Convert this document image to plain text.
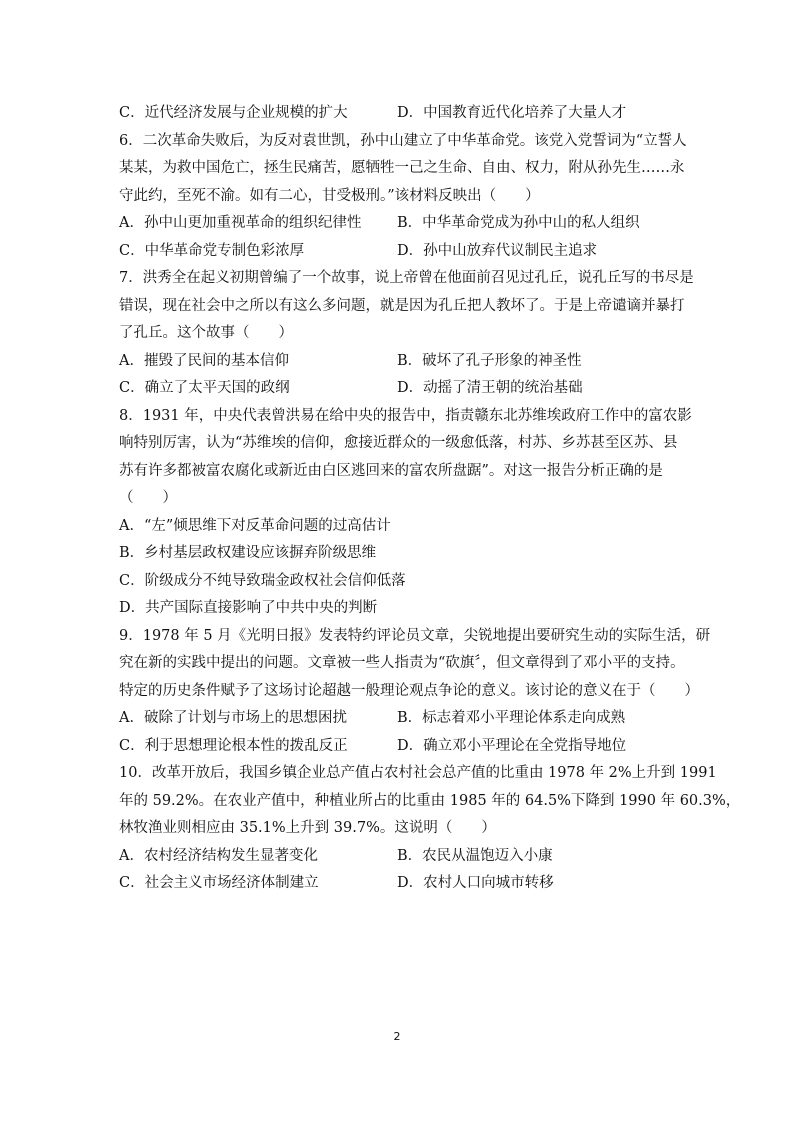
C．近代经济发展与企业规模的扩大	D．中国教育近代化培养了大量人才
6．二次革命失败后，为反对袁世凯，孙中山建立了中华革命党。该党入党誓词为“立誓人
某某，为救中国危亡，拯生民痛苦，愿牺牲一己之生命、自由、权力，附从孙先生……永
守此约，至死不渝。如有二心，甘受极刑。”该材料反映出（　　）
A．孙中山更加重视革命的组织纪律性 B．中华革命党成为孙中山的私人组织
C．中华革命党专制色彩浓厚	D．孙中山放弃代议制民主追求
7．洪秀全在起义初期曾编了一个故事，说上帝曾在他面前召见过孔丘，说孔丘写的书尽是
错误，现在社会中之所以有这么多问题，就是因为孔丘把人教坏了。于是上帝谴谪并暴打
了孔丘。这个故事（　　）
A．摧毁了民间的基本信仰	B．破坏了孔子形象的神圣性
C．确立了太平天国的政纲	D．动摇了清王朝的统治基础
8．1931 年，中央代表曾洪易在给中央的报告中，指责赣东北苏维埃政府工作中的富农影
响特别厉害，认为“苏维埃的信仰，愈接近群众的一级愈低落，村苏、乡苏甚至区苏、县
苏有许多都被富农腐化或新近由白区逃回来的富农所盘踞”。对这一报告分析正确的是
（　　）
A．“左”倾思维下对反革命问题的过高估计
B．乡村基层政权建设应该摒弃阶级思维
C．阶级成分不纯导致瑞金政权社会信仰低落
D．共产国际直接影响了中共中央的判断
9．1978 年 5 月《光明日报》发表特约评论员文章，尖锐地提出要研究生动的实际生活，研
究在新的实践中提出的问题。文章被一些人指责为“砍旗〞，但文章得到了邓小平的支持。
特定的历史条件赋予了这场讨论超越一般理论观点争论的意义。该讨论的意义在于（　　）
A．破除了计划与市场上的思想困扰	B．标志着邓小平理论体系走向成熟
C．利于思想理论根本性的拨乱反正	D．确立邓小平理论在全党指导地位
10．改革开放后，我国乡镇企业总产值占农村社会总产值的比重由 1978 年 2%上升到 1991
年的 59.2%。在农业产值中，种植业所占的比重由 1985 年的 64.5%下降到 1990 年 60.3%，
林牧渔业则相应由 35.1%上升到 39.7%。这说明（　　）
A．农村经济结构发生显著变化	B．农民从温饱迈入小康
C．社会主义市场经济体制建立	D．农村人口向城市转移
2
